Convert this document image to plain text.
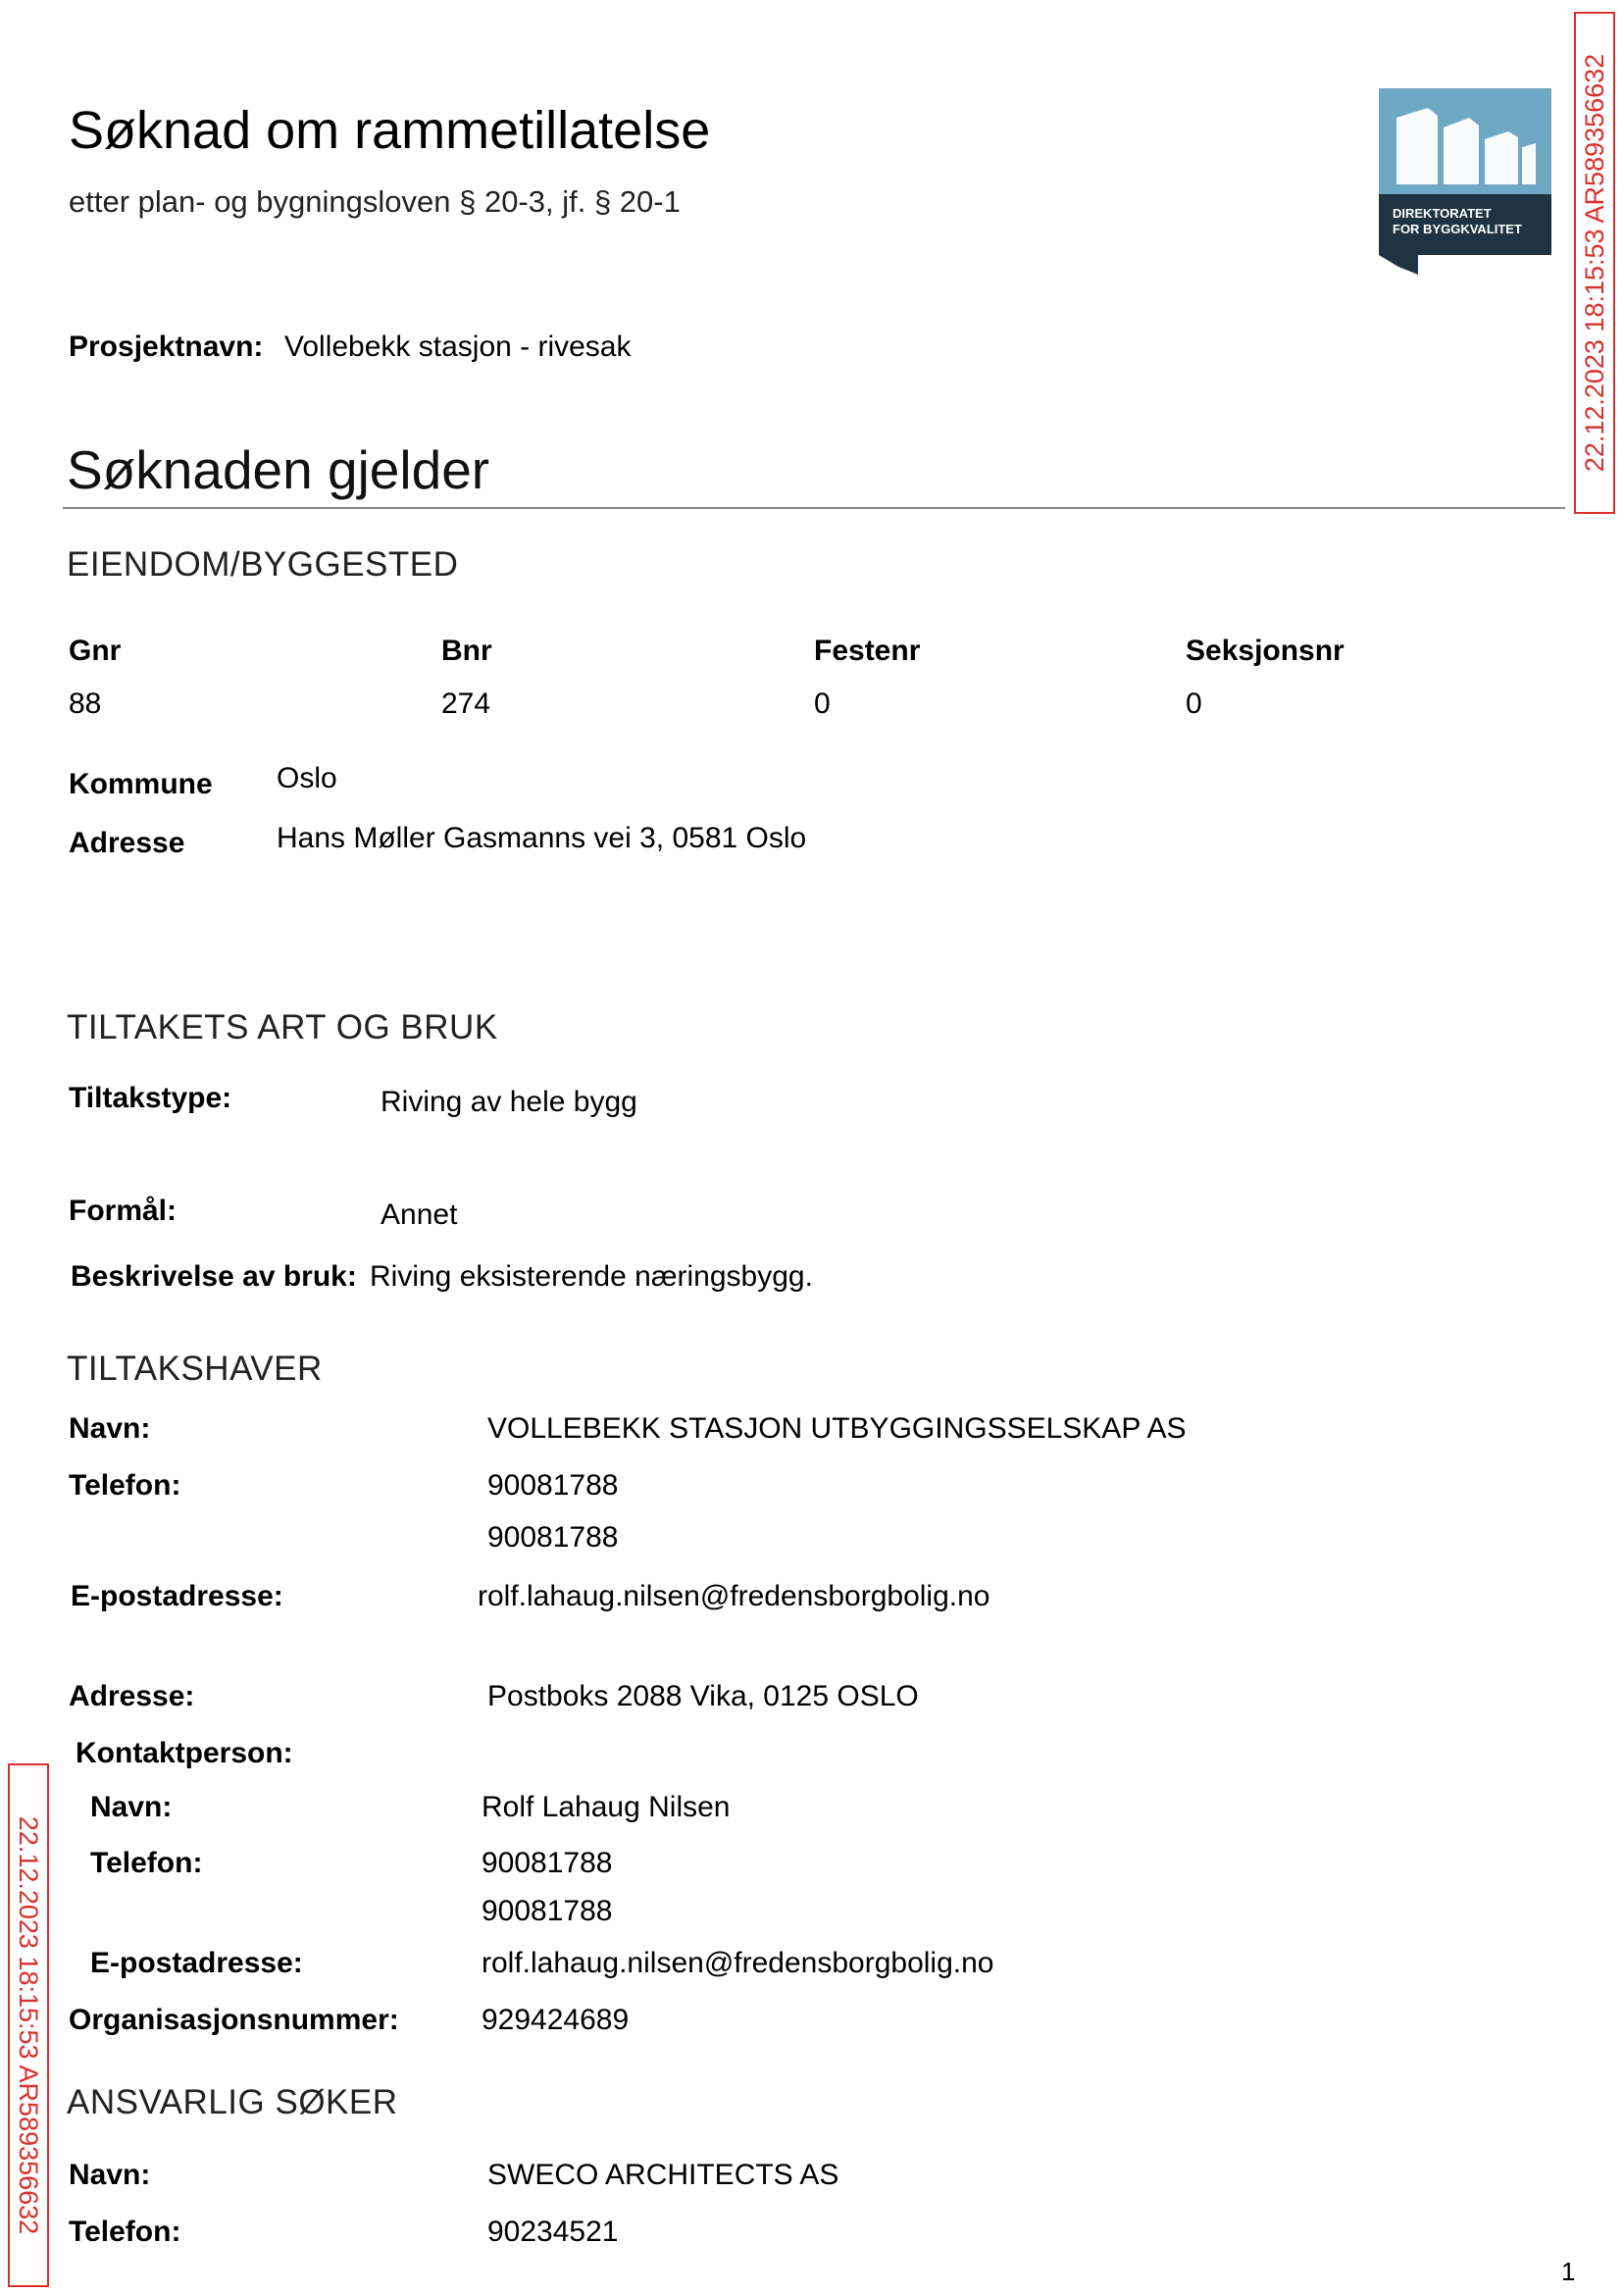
DIREKTORATET
FOR BYGGKVALITET 22.12.2023 18:15:53 AR589356632
22.12.2023 18:15:53 AR589356632
Søknad om rammetillatelse
etter plan- og bygningsloven § 20-3, jf. § 20-1
Prosjektnavn: Vollebekk stasjon - rivesak
Søknaden gjelder
EIENDOM/BYGGESTED
Gnr	Bnr	Festenr	Seksjonsnr
88	274	0	0
Kommune Oslo
Adresse	Hans Møller Gasmanns vei 3, 0581 Oslo
TILTAKETS ART OG BRUK
Tiltakstype:	Riving av hele bygg
Formål:	Annet
Beskrivelse av bruk: Riving eksisterende næringsbygg.
TILTAKSHAVER
Navn:	VOLLEBEKK STASJON UTBYGGINGSSELSKAP AS
Telefon:	90081788
90081788
E-postadresse:	rolf.lahaug.nilsen@fredensborgbolig.no
Adresse:	Postboks 2088 Vika, 0125 OSLO
Kontaktperson:
Navn:	Rolf Lahaug Nilsen
Telefon:	90081788
90081788
E-postadresse:	rolf.lahaug.nilsen@fredensborgbolig.no
Organisasjonsnummer:	929424689
ANSVARLIG SØKER
Navn:	SWECO ARCHITECTS AS
Telefon:	90234521
1
